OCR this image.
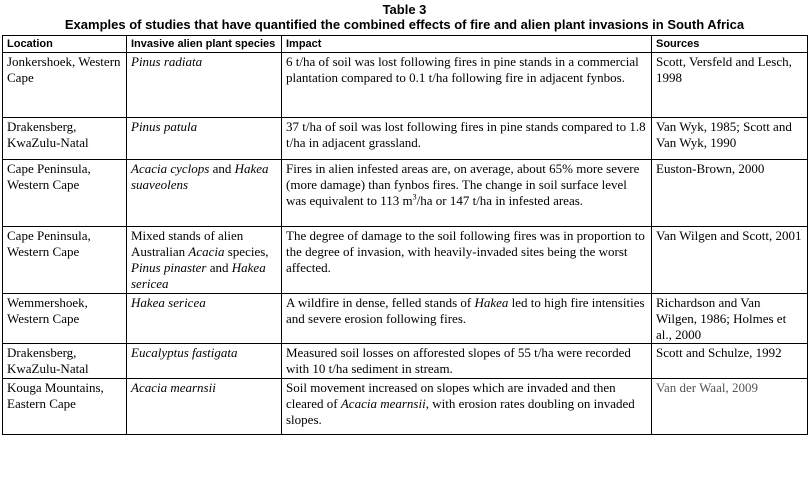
Table 3
Examples of studies that have quantified the combined effects of fire and alien plant invasions in South Africa
Location	Invasive alien plant species	Impact	Sources
Jonkershoek, Western Cape	Pinus radiata	6 t/ha of soil was lost following fires in pine stands in a commercial plantation compared to 0.1 t/ha following fire in adjacent fynbos.	Scott, Versfeld and Lesch, 1998
Drakensberg, KwaZulu-Natal	Pinus patula	37 t/ha of soil was lost following fires in pine stands compared to 1.8 t/ha in adjacent grassland.	Van Wyk, 1985; Scott and Van Wyk, 1990
Cape Peninsula, Western Cape	Acacia cyclops and Hakea suaveolens	Fires in alien infested areas are, on average, about 65% more severe (more damage) than fynbos fires. The change in soil surface level was equivalent to 113 $m^3/ha$ or 147 t/ha in infested areas.	Euston-Brown, 2000
Cape Peninsula, Western Cape	Mixed stands of alien Australian Acacia species, Pinus pinaster and Hakea sericea	The degree of damage to the soil following fires was in proportion to the degree of invasion, with heavily-invaded sites being the worst affected.	Van Wilgen and Scott, 2001
Wemmershoek, Western Cape	Hakea sericea	A wildfire in dense, felled stands of Hakea led to high fire intensities and severe erosion following fires.	Richardson and Van Wilgen, 1986; Holmes et al., 2000
Drakensberg, KwaZulu-Natal	Eucalyptus fastigata	Measured soil losses on afforested slopes of 55 t/ha were recorded with 10 t/ha sediment in stream.	Scott and Schulze, 1992
Kouga Mountains, Eastern Cape	Acacia mearnsii	Soil movement increased on slopes which are invaded and then cleared of Acacia mearnsii, with erosion rates doubling on invaded slopes.	Van der Waal, 2009
